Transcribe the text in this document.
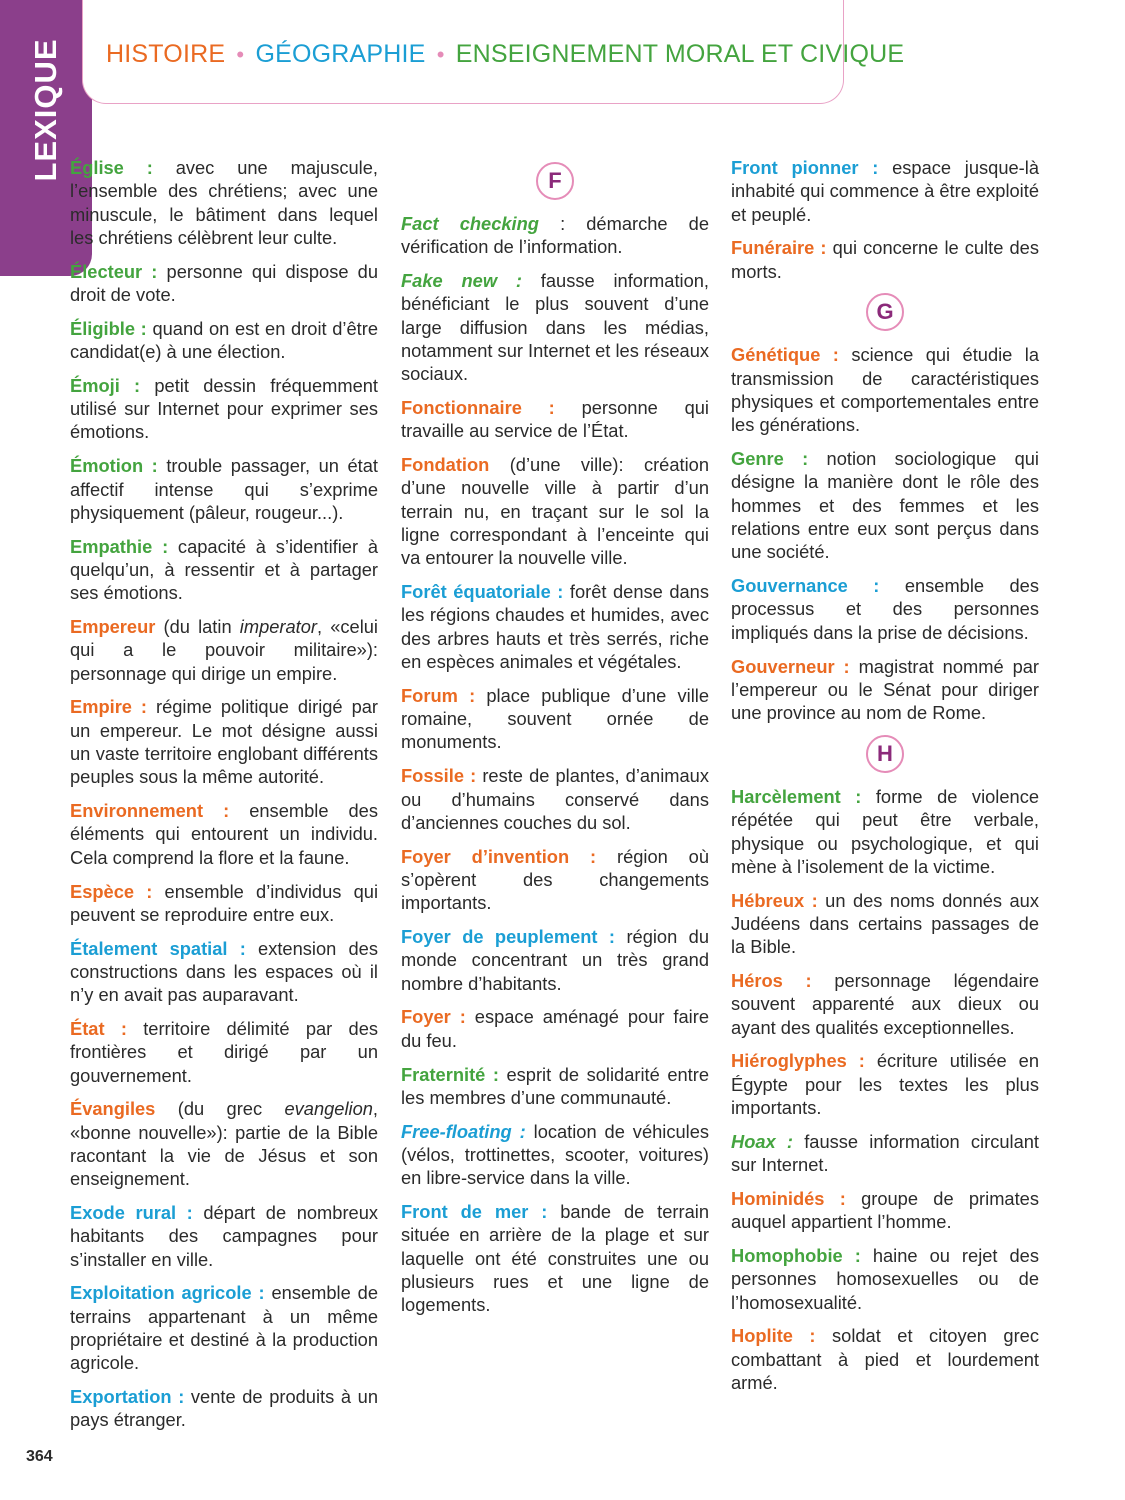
LEXIQUE HISTOIRE • GÉOGRAPHIE • ENSEIGNEMENT MORAL ET CIVIQUE

Église : avec une majuscule, l’ensemble des chrétiens; avec une minuscule, le bâtiment dans lequel les chrétiens célèbrent leur culte.

Électeur : personne qui dispose du droit de vote.

Éligible : quand on est en droit d’être candidat(e) à une élection.

Émoji : petit dessin fréquemment utilisé sur Internet pour exprimer ses émotions.

Émotion : trouble passager, un état affectif intense qui s’exprime physiquement (pâleur, rougeur...).

Empathie : capacité à s’identifier à quelqu’un, à ressentir et à partager ses émotions.

Empereur (du latin imperator, «celui qui a le pouvoir militaire»): personnage qui dirige un empire.

Empire : régime politique dirigé par un empereur. Le mot désigne aussi un vaste territoire englobant différents peuples sous la même autorité.

Environnement : ensemble des éléments qui entourent un individu. Cela comprend la flore et la faune.

Espèce : ensemble d’individus qui peuvent se reproduire entre eux.

Étalement spatial : extension des constructions dans les espaces où il n’y en avait pas auparavant.

État : territoire délimité par des frontières et dirigé par un gouvernement.

Évangiles (du grec evangelion, «bonne nouvelle»): partie de la Bible racontant la vie de Jésus et son enseignement.

Exode rural : départ de nombreux habitants des campagnes pour s’installer en ville.

Exploitation agricole : ensemble de terrains appartenant à un même propriétaire et destiné à la production agricole.

Exportation : vente de produits à un pays étranger.

F

Fact checking : démarche de vérification de l’information.

Fake new : fausse information, bénéficiant le plus souvent d’une large diffusion dans les médias, notamment sur Internet et les réseaux sociaux.

Fonctionnaire : personne qui travaille au service de l’État.

Fondation (d’une ville): création d’une nouvelle ville à partir d’un terrain nu, en traçant sur le sol la ligne correspondant à l’enceinte qui va entourer la nouvelle ville.

Forêt équatoriale : forêt dense dans les régions chaudes et humides, avec des arbres hauts et très serrés, riche en espèces animales et végétales.

Forum : place publique d’une ville romaine, souvent ornée de monuments.

Fossile : reste de plantes, d’animaux ou d’humains conservé dans d’anciennes couches du sol.

Foyer d’invention : région où s’opèrent des changements importants.

Foyer de peuplement : région du monde concentrant un très grand nombre d’habitants.

Foyer : espace aménagé pour faire du feu.

Fraternité : esprit de solidarité entre les membres d’une communauté.

Free-floating : location de véhicules (vélos, trottinettes, scooter, voitures) en libre-service dans la ville.

Front de mer : bande de terrain située en arrière de la plage et sur laquelle ont été construites une ou plusieurs rues et une ligne de logements.

Front pionner : espace jusque-là inhabité qui commence à être exploité et peuplé.

Funéraire : qui concerne le culte des morts.

G

Génétique : science qui étudie la transmission de caractéristiques physiques et comportementales entre les générations.

Genre : notion sociologique qui désigne la manière dont le rôle des hommes et des femmes et les relations entre eux sont perçus dans une société.

Gouvernance : ensemble des processus et des personnes impliqués dans la prise de décisions.

Gouverneur : magistrat nommé par l’empereur ou le Sénat pour diriger une province au nom de Rome.

H

Harcèlement : forme de violence répétée qui peut être verbale, physique ou psychologique, et qui mène à l’isolement de la victime.

Hébreux : un des noms donnés aux Judéens dans certains passages de la Bible.

Héros : personnage légendaire souvent apparenté aux dieux ou ayant des qualités exceptionnelles.

Hiéroglyphes : écriture utilisée en Égypte pour les textes les plus importants.

Hoax : fausse information circulant sur Internet.

Hominidés : groupe de primates auquel appartient l’homme.

Homophobie : haine ou rejet des personnes homosexuelles ou de l’homosexualité.

Hoplite : soldat et citoyen grec combattant à pied et lourdement armé.

364
